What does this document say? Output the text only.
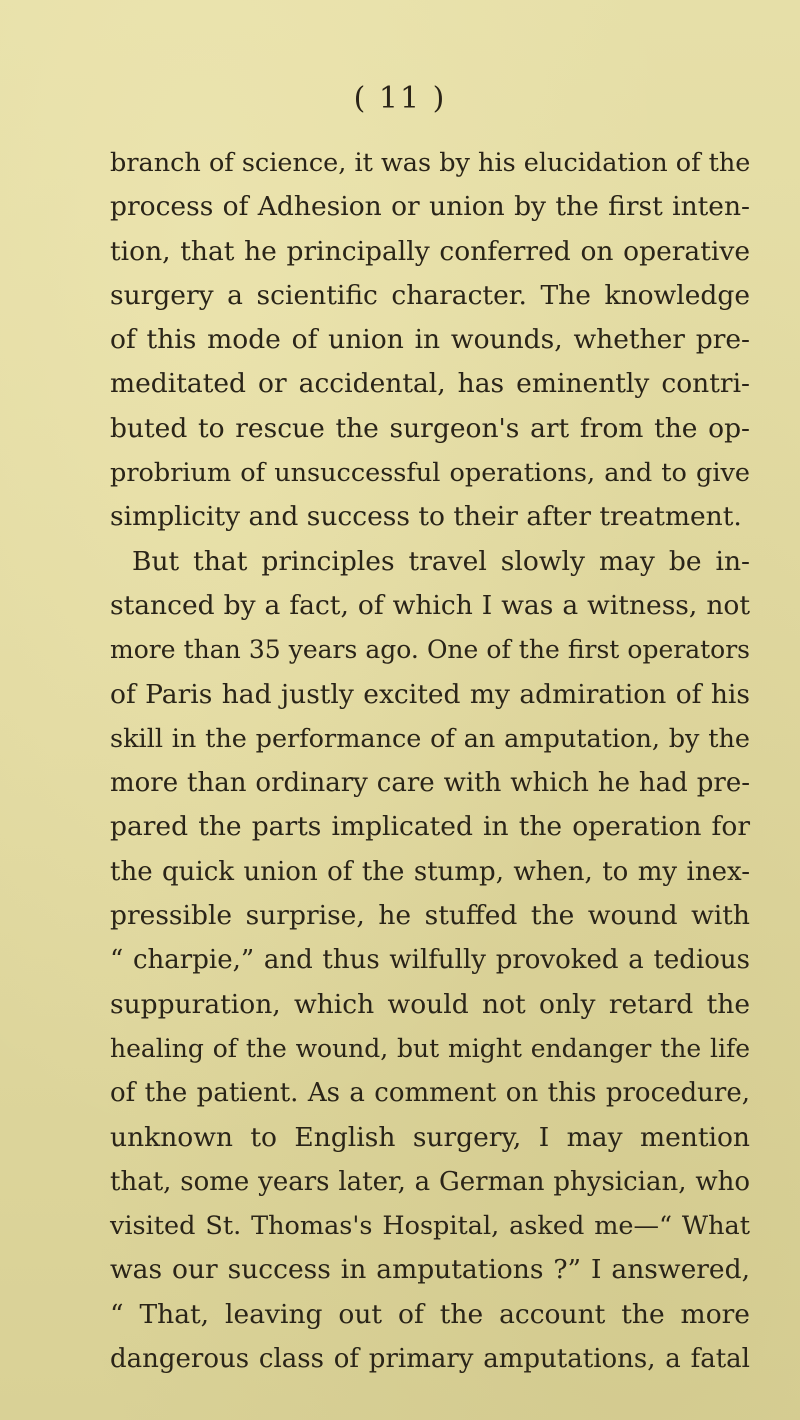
( 11 )
branch of science, it was by his elucidation of the
process of Adhesion or union by the first inten-
tion, that he principally conferred on operative
surgery a scientific character. The knowledge
of this mode of union in wounds, whether pre-
meditated or accidental, has eminently contri-
buted to rescue the surgeon's art from the op-
probrium of unsuccessful operations, and to give
simplicity and success to their after treatment.
But that principles travel slowly may be in-
stanced by a fact, of which I was a witness, not
more than 35 years ago. One of the first operators
of Paris had justly excited my admiration of his
skill in the performance of an amputation, by the
more than ordinary care with which he had pre-
pared the parts implicated in the operation for
the quick union of the stump, when, to my inex-
pressible surprise, he stuffed the wound with
“ charpie,” and thus wilfully provoked a tedious
suppuration, which would not only retard the
healing of the wound, but might endanger the life
of the patient. As a comment on this procedure,
unknown to English surgery, I may mention
that, some years later, a German physician, who
visited St. Thomas's Hospital, asked me—“ What
was our success in amputations ?” I answered,
“ That, leaving out of the account the more
dangerous class of primary amputations, a fatal
